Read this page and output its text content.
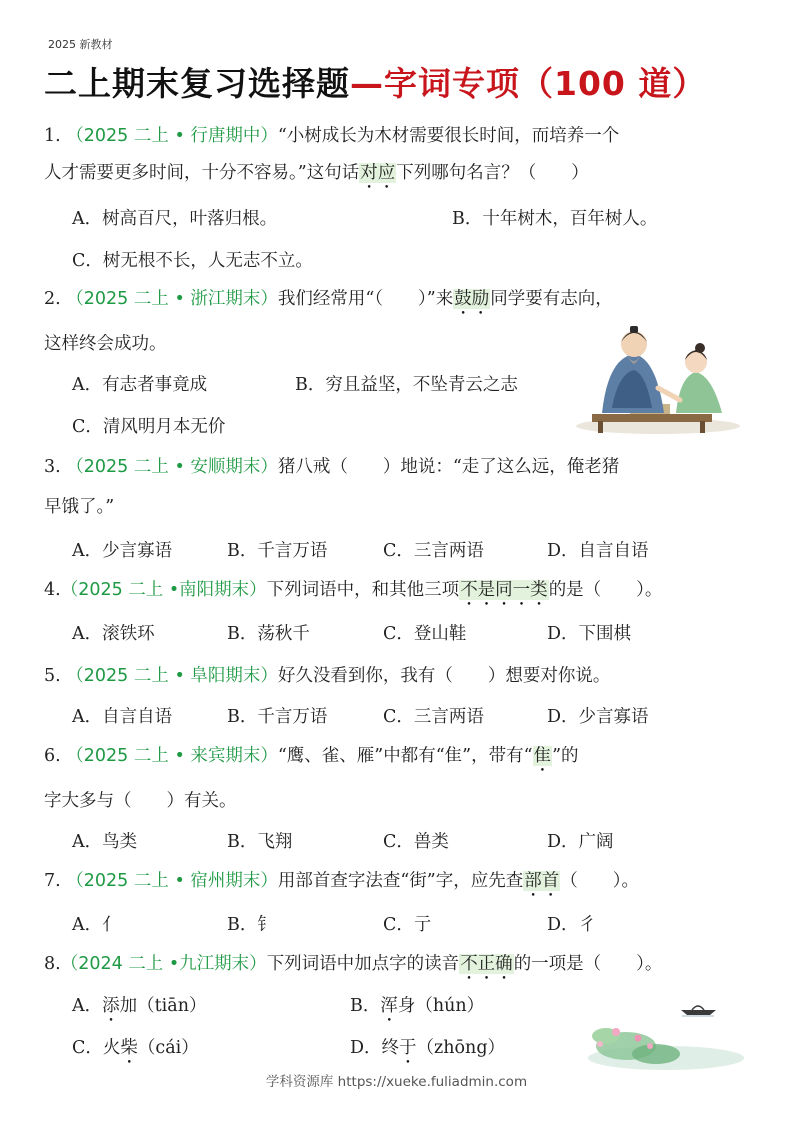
2025 新教材
二上期末复习选择题—字词专项（100 道）
1. （2025 二上 • 行唐期中）“小树成长为木材需要很长时间，而培养一个
人才需要更多时间，十分不容易。”这句话对应下列哪句名言？（　　）
A．树高百尺，叶落归根。	B．十年树木，百年树人。
C．树无根不长，人无志不立。
2. （2025 二上 • 浙江期末）我们经常用“（　　）”来鼓励同学要有志向，
这样终会成功。
A．有志者事竟成	B．穷且益坚，不坠青云之志
C．清风明月本无价
3. （2025 二上 • 安顺期末）猪八戒（　　）地说：“走了这么远，俺老猪
早饿了。”
A．少言寡语	B．千言万语	C．三言两语	D．自言自语
4.（2025 二上 •南阳期末）下列词语中，和其他三项不是同一类的是（　　）。
A．滚铁环	B．荡秋千	C．登山鞋	D．下围棋
5. （2025 二上 • 阜阳期末）好久没看到你，我有（　　）想要对你说。
A．自言自语	B．千言万语	C．三言两语	D．少言寡语
6. （2025 二上 • 来宾期末）“鹰、雀、雁”中都有“隹”，带有“隹”的
字大多与（　　）有关。
A．鸟类	B．飞翔	C．兽类	D．广阔
7. （2025 二上 • 宿州期末）用部首查字法查“街”字，应先查部首（　　）。
A．亻	B．钅	C．亍	D．彳
8.（2024 二上 •九江期末）下列词语中加点字的读音不正确的一项是（　　）。
A．添加（tiān）	B．浑身（hún）
C．火柴（cái）	D．终于（zhōng）
学科资源库 https://xueke.fuliadmin.com
